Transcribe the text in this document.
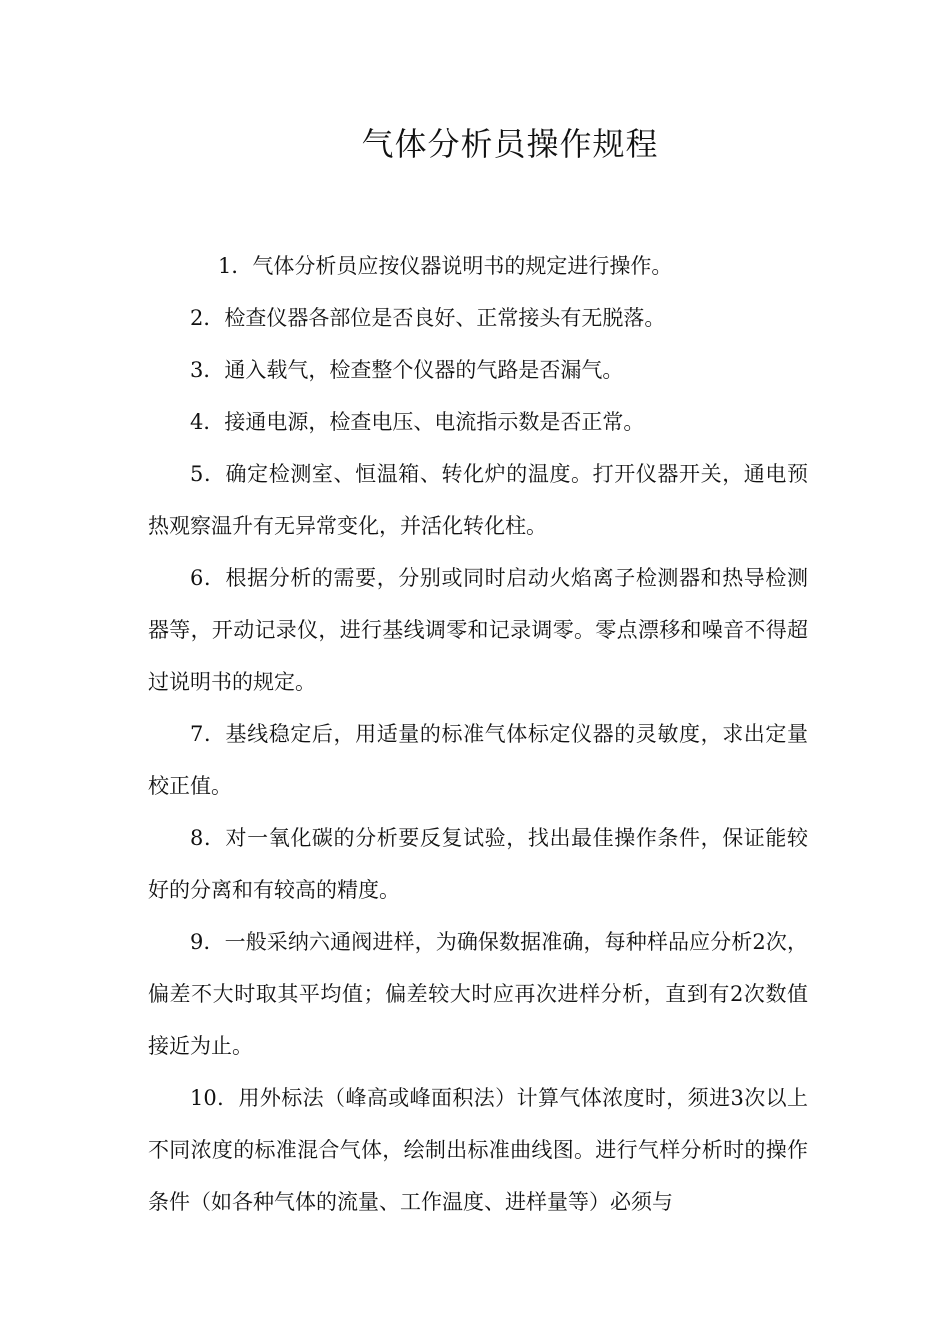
气体分析员操作规程

1．气体分析员应按仪器说明书的规定进行操作。

2．检查仪器各部位是否良好、正常接头有无脱落。

3．通入载气，检查整个仪器的气路是否漏气。

4．接通电源，检查电压、电流指示数是否正常。

5．确定检测室、恒温箱、转化炉的温度。打开仪器开关，通电预热观察温升有无异常变化，并活化转化柱。

6．根据分析的需要，分别或同时启动火焰离子检测器和热导检测器等，开动记录仪，进行基线调零和记录调零。零点漂移和噪音不得超过说明书的规定。

7．基线稳定后，用适量的标准气体标定仪器的灵敏度，求出定量校正值。

8．对一氧化碳的分析要反复试验，找出最佳操作条件，保证能较好的分离和有较高的精度。

9．一般采纳六通阀进样，为确保数据准确，每种样品应分析2次，偏差不大时取其平均值；偏差较大时应再次进样分析，直到有2次数值接近为止。

10．用外标法（峰高或峰面积法）计算气体浓度时，须进3次以上不同浓度的标准混合气体，绘制出标准曲线图。进行气样分析时的操作条件（如各种气体的流量、工作温度、进样量等）必须与
